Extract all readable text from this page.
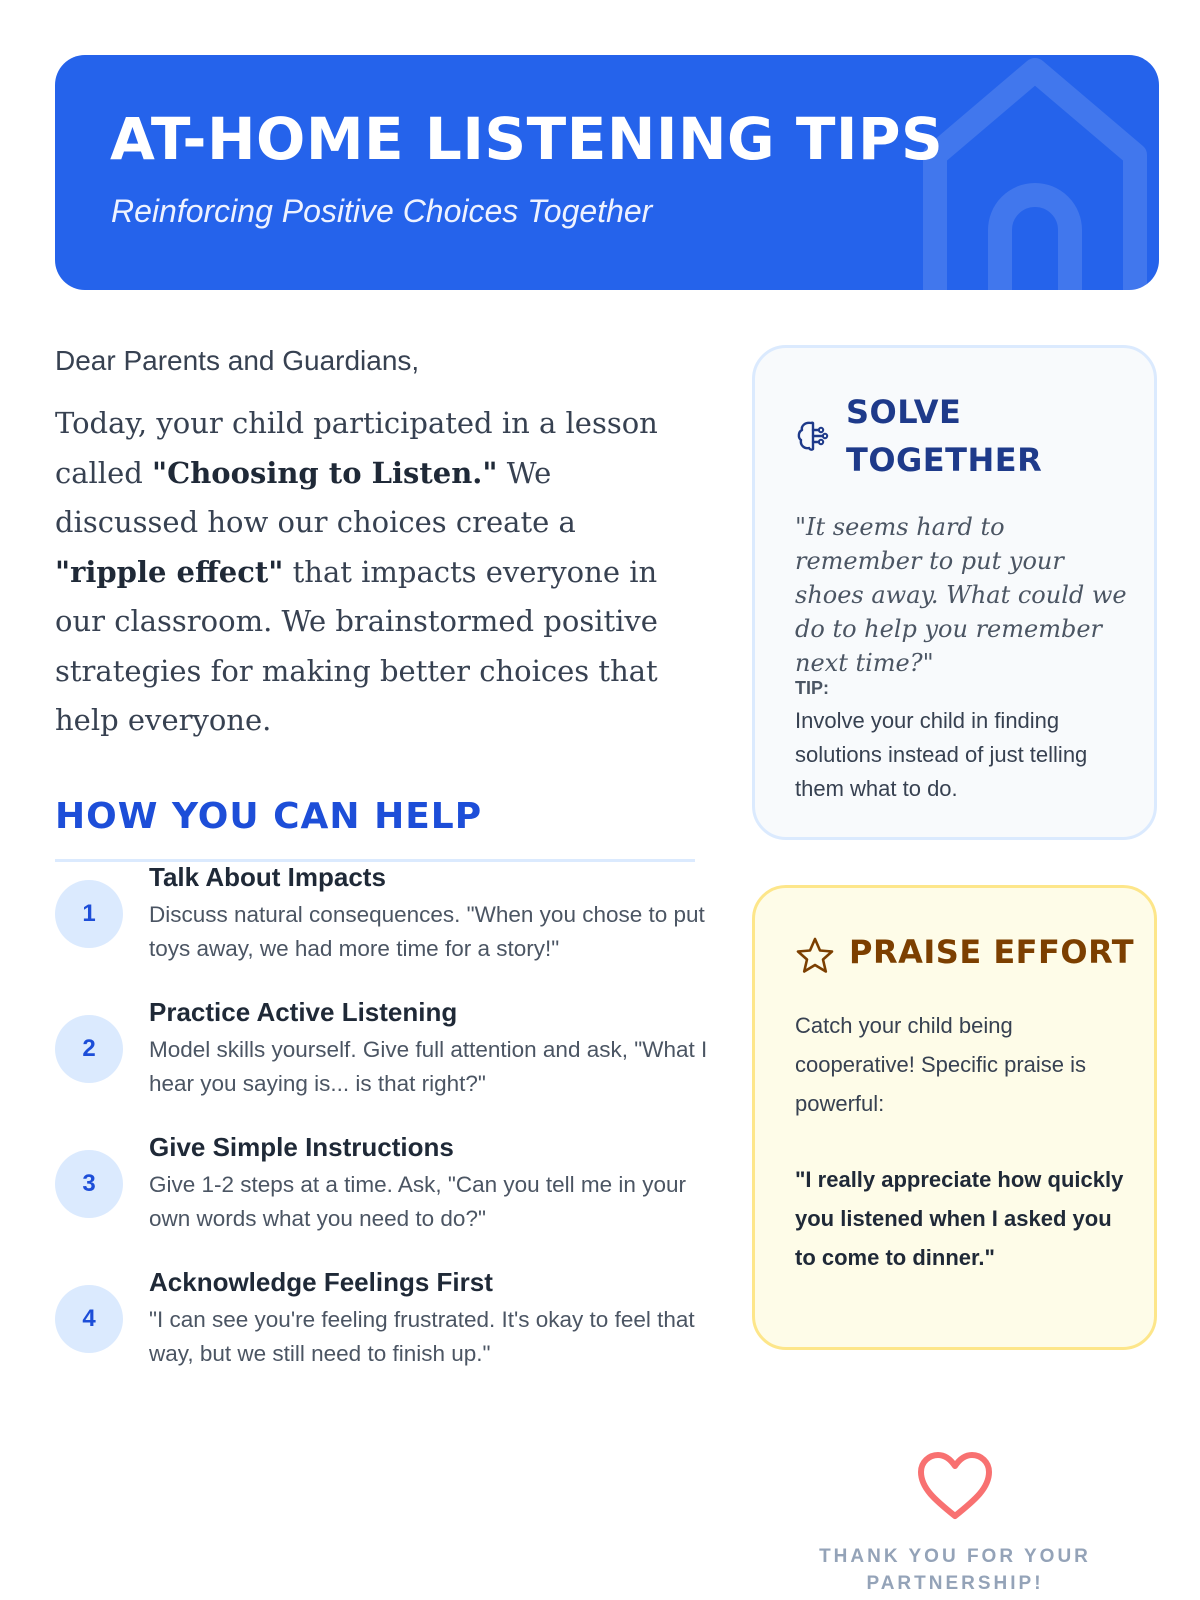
AT-HOME LISTENING TIPS
Reinforcing Positive Choices Together

Dear Parents and Guardians,

Today, your child participated in a lesson called "Choosing to Listen." We discussed how our choices create a "ripple effect" that impacts everyone in our classroom. We brainstormed positive strategies for making better choices that help everyone.

HOW YOU CAN HELP
1
Talk About Impacts
Discuss natural consequences. "When you chose to put toys away, we had more time for a story!"
2
Practice Active Listening
Model skills yourself. Give full attention and ask, "What I hear you saying is... is that right?"
3
Give Simple Instructions
Give 1-2 steps at a time. Ask, "Can you tell me in your own words what you need to do?"
4
Acknowledge Feelings First
"I can see you're feeling frustrated. It's okay to feel that way, but we still need to finish up."
SOLVE TOGETHER
"It seems hard to remember to put your shoes away. What could we do to help you remember next time?"
TIP:
Involve your child in finding solutions instead of just telling them what to do.
PRAISE EFFORT
Catch your child being cooperative! Specific praise is powerful:
"I really appreciate how quickly you listened when I asked you to come to dinner."
THANK YOU FOR YOUR PARTNERSHIP!
